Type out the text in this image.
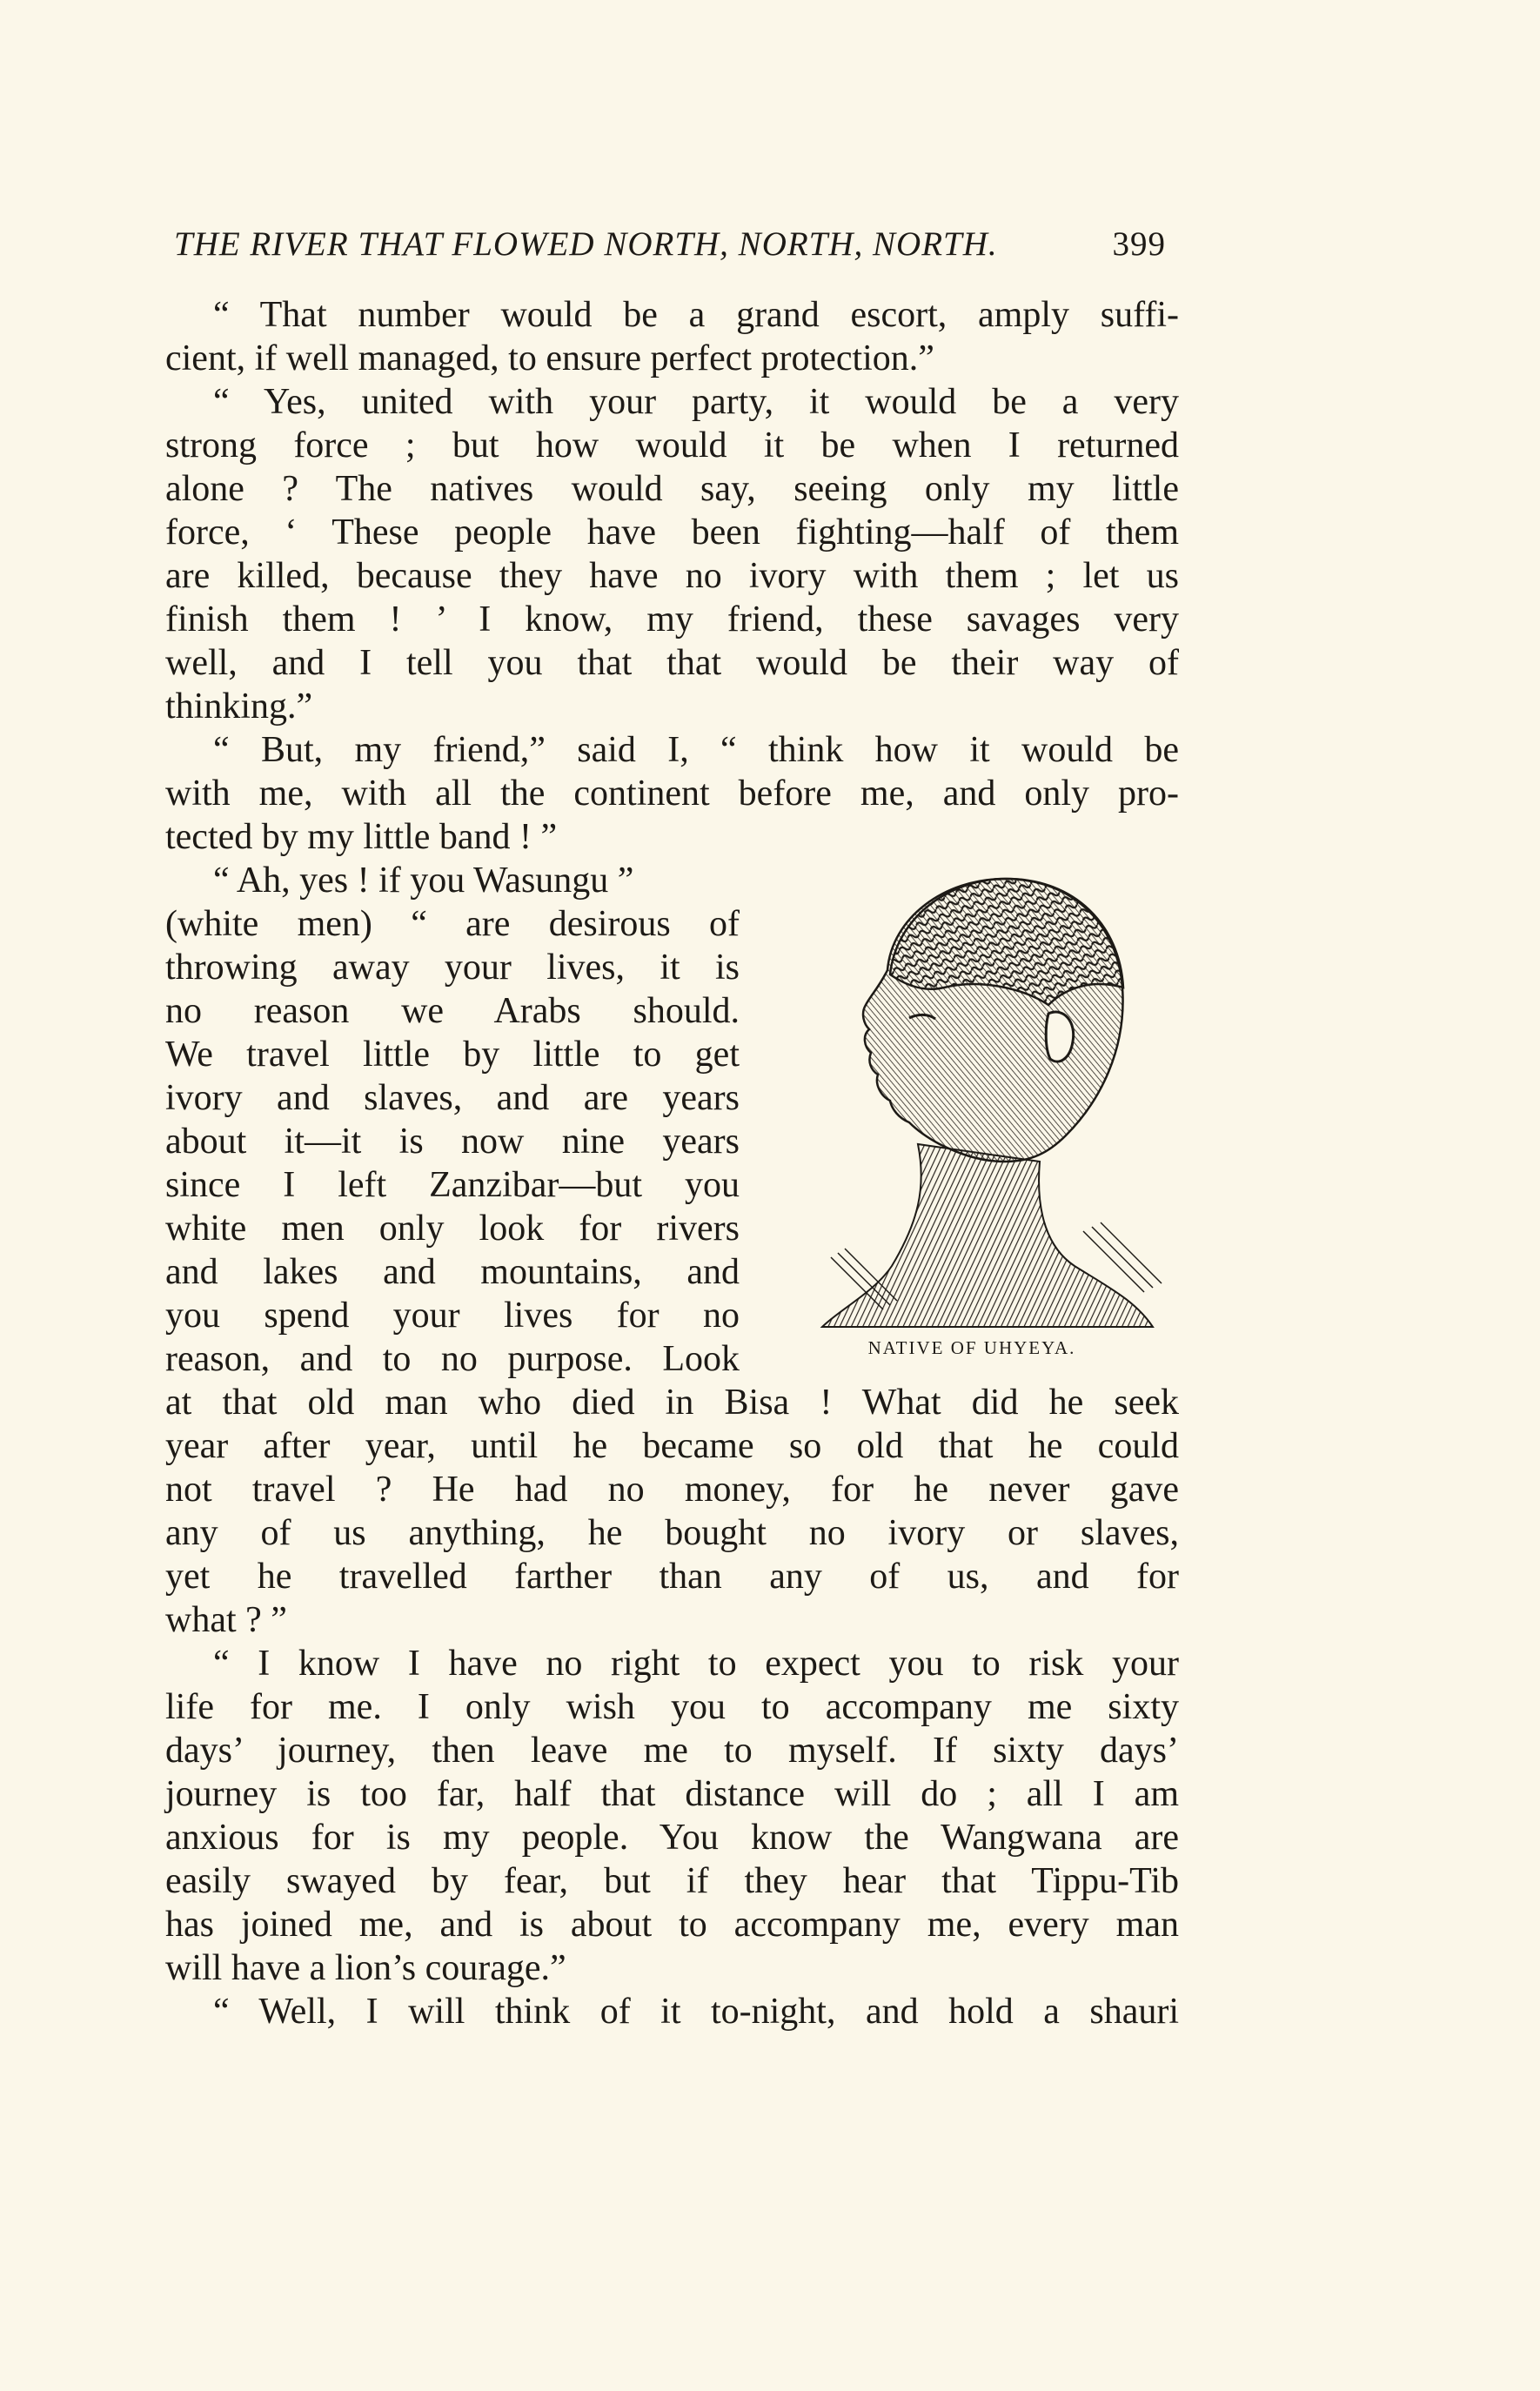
THE RIVER THAT FLOWED NORTH, NORTH, NORTH.	399
“ That number would be a grand escort, amply suffi-
cient, if well managed, to ensure perfect protection.”
“ Yes, united with your party, it would be a very
strong force ; but how would it be when I returned
alone ? The natives would say, seeing only my little
force, ‘ These people have been fighting—half of them
are killed, because they have no ivory with them ; let us
finish them ! ’ I know, my friend, these savages very
well, and I tell you that that would be their way of
thinking.”
“ But, my friend,” said I, “ think how it would be
with me, with all the continent before me, and only pro-
tected by my little band ! ”
“ Ah, yes ! if you Wasungu ”
(white men) “ are desirous of
throwing away your lives, it is
no reason we Arabs should.
We travel little by little to get
ivory and slaves, and are years
about it—it is now nine years
since I left Zanzibar—but you
white men only look for rivers
and lakes and mountains, and
you spend your lives for no
reason, and to no purpose. Look
at that old man who died in Bisa ! What did he seek
year after year, until he became so old that he could
not travel ? He had no money, for he never gave
any of us anything, he bought no ivory or slaves,
yet he travelled farther than any of us, and for
what ? ”
“ I know I have no right to expect you to risk your
life for me. I only wish you to accompany me sixty
days’ journey, then leave me to myself. If sixty days’
journey is too far, half that distance will do ; all I am
anxious for is my people. You know the Wangwana are
easily swayed by fear, but if they hear that Tippu-Tib
has joined me, and is about to accompany me, every man
will have a lion’s courage.”
“ Well, I will think of it to-night, and hold a shauri
NATIVE OF UHYEYA.
